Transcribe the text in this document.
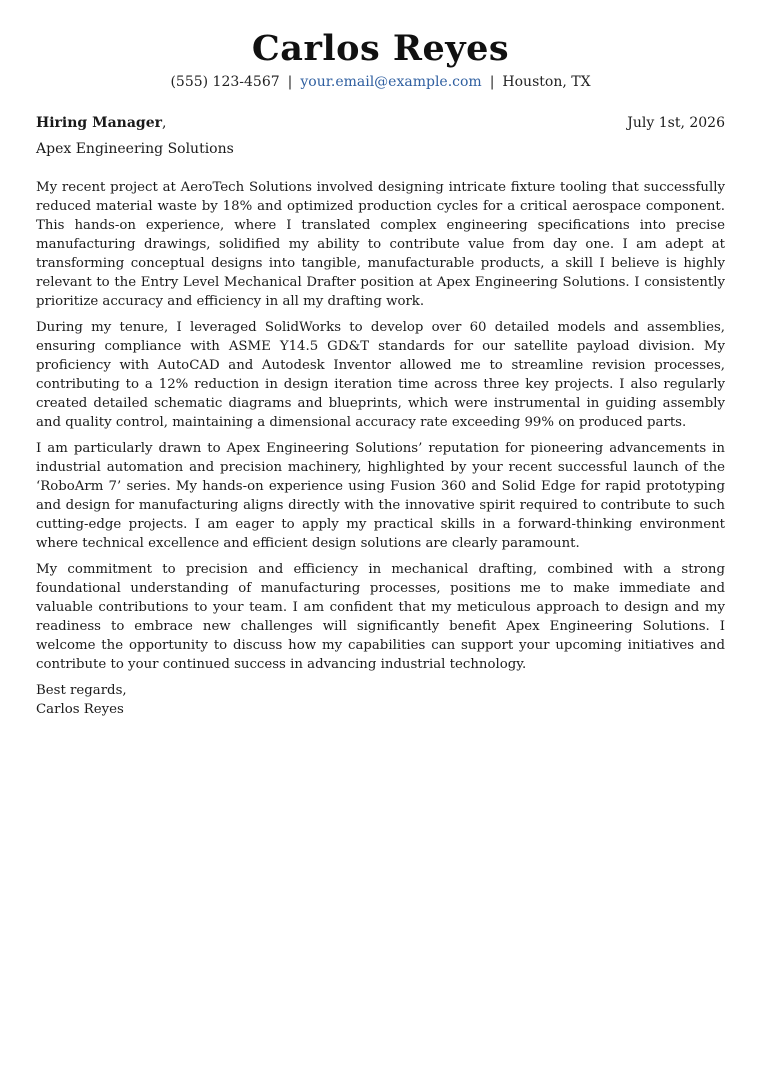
Carlos Reyes
(555) 123-4567 | your.email@example.com | Houston, TX
Hiring Manager,	July 1st, 2026
Apex Engineering Solutions

My recent project at AeroTech Solutions involved designing intricate fixture tooling that successfully reduced material waste by 18% and optimized production cycles for a critical aerospace component. This hands-on experience, where I translated complex engineering specifications into precise manufacturing drawings, solidified my ability to contribute value from day one. I am adept at transforming conceptual designs into tangible, manufacturable products, a skill I believe is highly relevant to the Entry Level Mechanical Drafter position at Apex Engineering Solutions. I consistently prioritize accuracy and efficiency in all my drafting work.

During my tenure, I leveraged SolidWorks to develop over 60 detailed models and assemblies, ensuring compliance with ASME Y14.5 GD&T standards for our satellite payload division. My proficiency with AutoCAD and Autodesk Inventor allowed me to streamline revision processes, contributing to a 12% reduction in design iteration time across three key projects. I also regularly created detailed schematic diagrams and blueprints, which were instrumental in guiding assembly and quality control, maintaining a dimensional accuracy rate exceeding 99% on produced parts.

I am particularly drawn to Apex Engineering Solutions’ reputation for pioneering advancements in industrial automation and precision machinery, highlighted by your recent successful launch of the ‘RoboArm 7’ series. My hands-on experience using Fusion 360 and Solid Edge for rapid prototyping and design for manufacturing aligns directly with the innovative spirit required to contribute to such cutting-edge projects. I am eager to apply my practical skills in a forward-thinking environment where technical excellence and efficient design solutions are clearly paramount.

My commitment to precision and efficiency in mechanical drafting, combined with a strong foundational understanding of manufacturing processes, positions me to make immediate and valuable contributions to your team. I am confident that my meticulous approach to design and my readiness to embrace new challenges will significantly benefit Apex Engineering Solutions. I welcome the opportunity to discuss how my capabilities can support your upcoming initiatives and contribute to your continued success in advancing industrial technology.

Best regards,
Carlos Reyes
